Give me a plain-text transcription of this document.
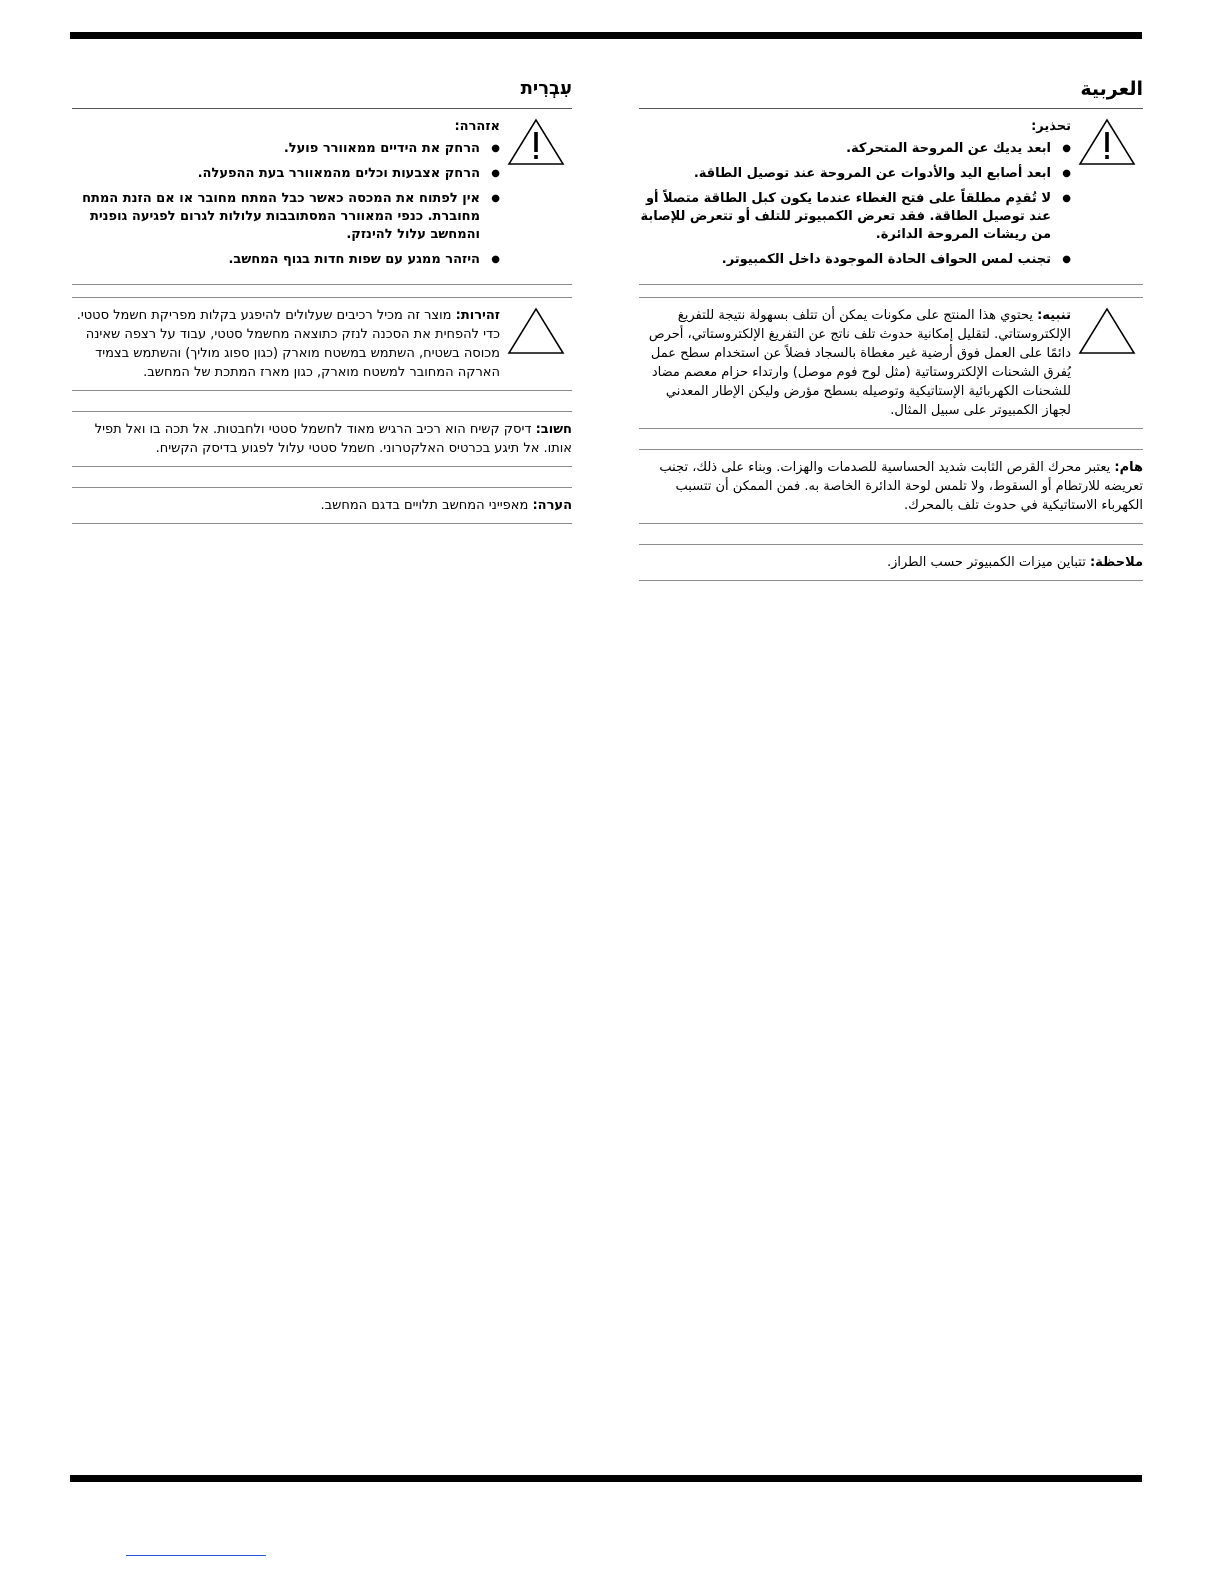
العربية
تحذير:
● ابعد يديك عن المروحة المتحركة.
● ابعد أصابع اليد والأدوات عن المروحة عند توصيل الطاقة.
● لا تُقدِم مطلقاً على فتح الغطاء عندما يكون كبل الطاقة متصلاً أو عند توصيل الطاقة. فقد تعرض الكمبيوتر للتلف أو تتعرض للإصابة من ريشات المروحة الدائرة.
● تجنب لمس الحواف الحادة الموجودة داخل الكمبيوتر.
تنبيه: يحتوي هذا المنتج على مكونات يمكن أن تتلف بسهولة نتيجة للتفريغ الإلكتروستاتي. لتقليل إمكانية حدوث تلف ناتج عن التفريغ الإلكتروستاتي، أحرص دائمًا على العمل فوق أرضية غير مغطاة بالسجاد فضلاً عن استخدام سطح عمل يُفرق الشحنات الإلكتروستاتية (مثل لوح فوم موصل) وارتداء حزام معصم مضاد للشحنات الكهربائية الإستاتيكية وتوصيله بسطح مؤرض وليكن الإطار المعدني لجهاز الكمبيوتر على سبيل المثال.
هام: يعتبر محرك القرص الثابت شديد الحساسية للصدمات والهزات. وبناء على ذلك، تجنب تعريضه للارتطام أو السقوط، ولا تلمس لوحة الدائرة الخاصة به. فمن الممكن أن تتسبب الكهرباء الاستاتيكية في حدوث تلف بالمحرك.
ملاحظة: تتباين ميزات الكمبيوتر حسب الطراز.
עִבְרִית
אזהרה:
● הרחק את הידיים ממאוורר פועל.
● הרחק אצבעות וכלים מהמאוורר בעת ההפעלה.
● אין לפתוח את המכסה כאשר כבל המתח מחובר או אם הזנת המתח מחוברת. כנפי המאוורר המסתובבות עלולות לגרום לפגיעה גופנית והמחשב עלול להינזק.
● היזהר ממגע עם שפות חדות בגוף המחשב.
זהירות: מוצר זה מכיל רכיבים שעלולים להיפגע בקלות מפריקת חשמל סטטי. כדי להפחית את הסכנה לנזק כתוצאה מחשמל סטטי, עבוד על רצפה שאינה מכוסה בשטיח, השתמש במשטח מוארק (כגון ספוג מוליך) והשתמש בצמיד הארקה המחובר למשטח מוארק, כגון מארז המתכת של המחשב.
חשוב: דיסק קשיח הוא רכיב הרגיש מאוד לחשמל סטטי ולחבטות. אל תכה בו ואל תפיל אותו. אל תיגע בכרטיס האלקטרוני. חשמל סטטי עלול לפגוע בדיסק הקשיח.
הערה: מאפייני המחשב תלויים בדגם המחשב.
